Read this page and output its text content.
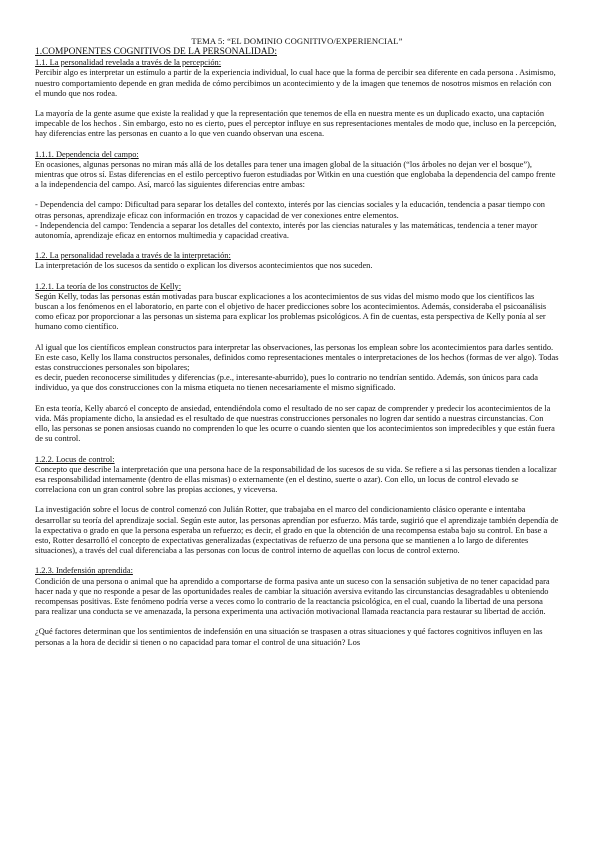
TEMA 5: “EL DOMINIO COGNITIVO/EXPERIENCIAL”
1.COMPONENTES COGNITIVOS DE LA PERSONALIDAD:
1.1. La personalidad revelada a través de la percepción:

Percibir algo es interpretar un estímulo a partir de la experiencia individual, lo cual hace que la forma de percibir sea diferente en cada persona . Asimismo, nuestro comportamiento depende en gran medida de cómo percibimos un acontecimiento y de la imagen que tenemos de nosotros mismos en relación con el mundo que nos rodea.

La mayoría de la gente asume que existe la realidad y que la representación que tenemos de ella en nuestra mente es un duplicado exacto, una captación impecable de los hechos . Sin embargo, esto no es cierto, pues el perceptor influye en sus representaciones mentales de modo que, incluso en la percepción, hay diferencias entre las personas en cuanto a lo que ven cuando observan una escena.

1.1.1. Dependencia del campo:

En ocasiones, algunas personas no miran más allá de los detalles para tener una imagen global de la situación (“los árboles no dejan ver el bosque”), mientras que otros sí. Estas diferencias en el estilo perceptivo fueron estudiadas por Witkin en una cuestión que englobaba la dependencia del campo frente a la independencia del campo. Así, marcó las siguientes diferencias entre ambas:

- Dependencia del campo: Dificultad para separar los detalles del contexto, interés por las ciencias sociales y la educación, tendencia a pasar tiempo con otras personas, aprendizaje eficaz con información en trozos y capacidad de ver conexiones entre elementos.

- Independencia del campo: Tendencia a separar los detalles del contexto, interés por las ciencias naturales y las matemáticas, tendencia a tener mayor autonomía, aprendizaje eficaz en entornos multimedia y capacidad creativa.

1.2. La personalidad revelada a través de la interpretación:

La interpretación de los sucesos da sentido o explican los diversos acontecimientos que nos suceden.

1.2.1. La teoría de los constructos de Kelly:

Según Kelly, todas las personas están motivadas para buscar explicaciones a los acontecimientos de sus vidas del mismo modo que los científicos las buscan a los fenómenos en el laboratorio, en parte con el objetivo de hacer predicciones sobre los acontecimientos. Además, consideraba el psicoanálisis como eficaz por proporcionar a las personas un sistema para explicar los problemas psicológicos. A fin de cuentas, esta perspectiva de Kelly ponía al ser humano como científico.

Al igual que los científicos emplean constructos para interpretar las observaciones, las personas los emplean sobre los acontecimientos para darles sentido. En este caso, Kelly los llama constructos personales, definidos como representaciones mentales o interpretaciones de los hechos (formas de ver algo). Todas estas construcciones personales son bipolares;

es decir, pueden reconocerse similitudes y diferencias (p.e., interesante-aburrido), pues lo contrario no tendrían sentido. Además, son únicos para cada individuo, ya que dos construcciones con la misma etiqueta no tienen necesariamente el mismo significado.

En esta teoría, Kelly abarcó el concepto de ansiedad, entendiéndola como el resultado de no ser capaz de comprender y predecir los acontecimientos de la vida. Más propiamente dicho, la ansiedad es el resultado de que nuestras construcciones personales no logren dar sentido a nuestras circunstancias. Con ello, las personas se ponen ansiosas cuando no comprenden lo que les ocurre o cuando sienten que los acontecimientos son impredecibles y que están fuera de su control.

1.2.2. Locus de control:

Concepto que describe la interpretación que una persona hace de la responsabilidad de los sucesos de su vida. Se refiere a si las personas tienden a localizar esa responsabilidad internamente (dentro de ellas mismas) o externamente (en el destino, suerte o azar). Con ello, un locus de control elevado se correlaciona con un gran control sobre las propias acciones, y viceversa.

La investigación sobre el locus de control comenzó con Julián Rotter, que trabajaba en el marco del condicionamiento clásico operante e intentaba desarrollar su teoría del aprendizaje social. Según este autor, las personas aprendían por esfuerzo. Más tarde, sugirió que el aprendizaje también dependía de la expectativa o grado en que la persona esperaba un refuerzo; es decir, el grado en que la obtención de una recompensa estaba bajo su control. En base a esto, Rotter desarrolló el concepto de expectativas generalizadas (expectativas de refuerzo de una persona que se mantienen a lo largo de diferentes situaciones), a través del cual diferenciaba a las personas con locus de control interno de aquellas con locus de control externo.

1.2.3. Indefensión aprendida:

Condición de una persona o animal que ha aprendido a comportarse de forma pasiva ante un suceso con la sensación subjetiva de no tener capacidad para hacer nada y que no responde a pesar de las oportunidades reales de cambiar la situación aversiva evitando las circunstancias desagradables u obteniendo recompensas positivas. Este fenómeno podría verse a veces como lo contrario de la reactancia psicológica, en el cual, cuando la libertad de una persona para realizar una conducta se ve amenazada, la persona experimenta una activación motivacional llamada reactancia para restaurar su libertad de acción.

¿Qué factores determinan que los sentimientos de indefensión en una situación se traspasen a otras situaciones y qué factores cognitivos influyen en las personas a la hora de decidir si tienen o no capacidad para tomar el control de una situación? Los
